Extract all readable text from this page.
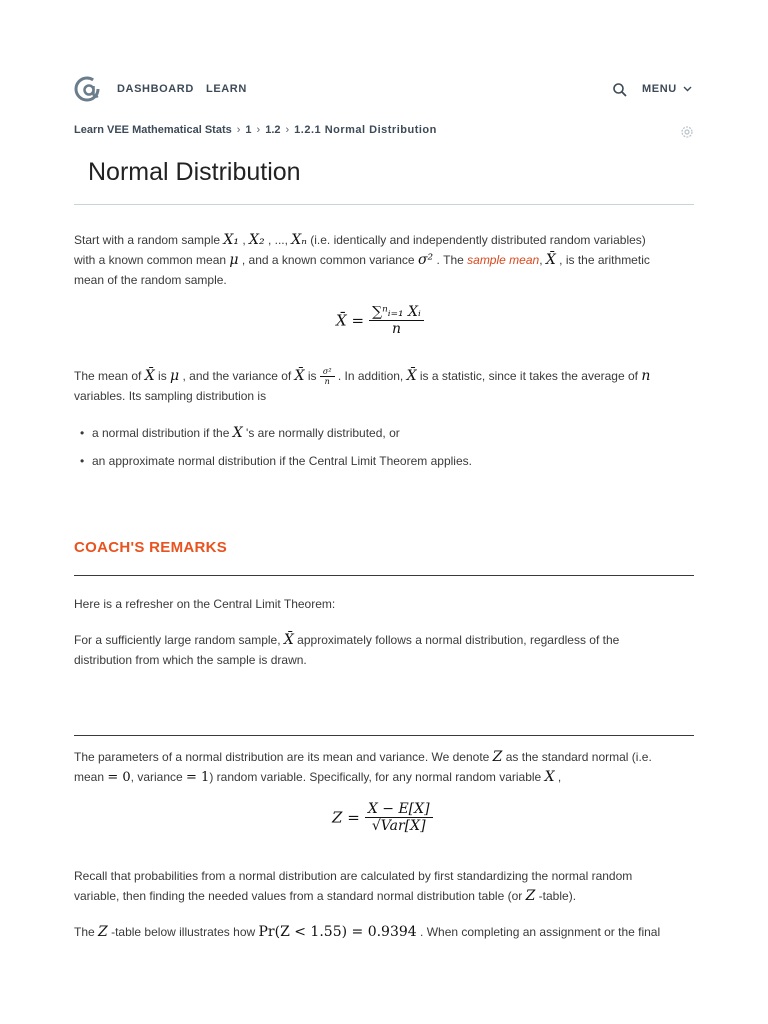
DASHBOARD LEARN	MENU
Learn VEE Mathematical Stats › 1 › 1.2 › 1.2.1 Normal Distribution
Normal Distribution
Start with a random sample X₁ , X₂ , ..., Xₙ (i.e. identically and independently distributed random variables)
with a known common mean μ , and a known common variance σ² . The sample mean, X̄ , is the arithmetic
mean of the random sample.
X̄ = $\frac{\text{∑ⁿᵢ₌₁ Xᵢ}}{n}$
The mean of X̄ is μ , and the variance of X̄ is $\frac{\text{σ²}}{n}$ . In addition, X̄ is a statistic, since it takes the average of n
variables. Its sampling distribution is
• a normal distribution if the X 's are normally distributed, or
• an approximate normal distribution if the Central Limit Theorem applies.
COACH'S REMARKS
Here is a refresher on the Central Limit Theorem:
For a sufficiently large random sample, X̄ approximately follows a normal distribution, regardless of the
distribution from which the sample is drawn.
The parameters of a normal distribution are its mean and variance. We denote Z as the standard normal (i.e.
mean = 0, variance = 1) random variable. Specifically, for any normal random variable X ,
$Z = \frac{X - E[X]}{\text{√Var[X]}}$
Recall that probabilities from a normal distribution are calculated by first standardizing the normal random
variable, then finding the needed values from a standard normal distribution table (or Z -table).
The Z -table below illustrates how Pr(Z < 1.55) = 0.9394 . When completing an assignment or the final
